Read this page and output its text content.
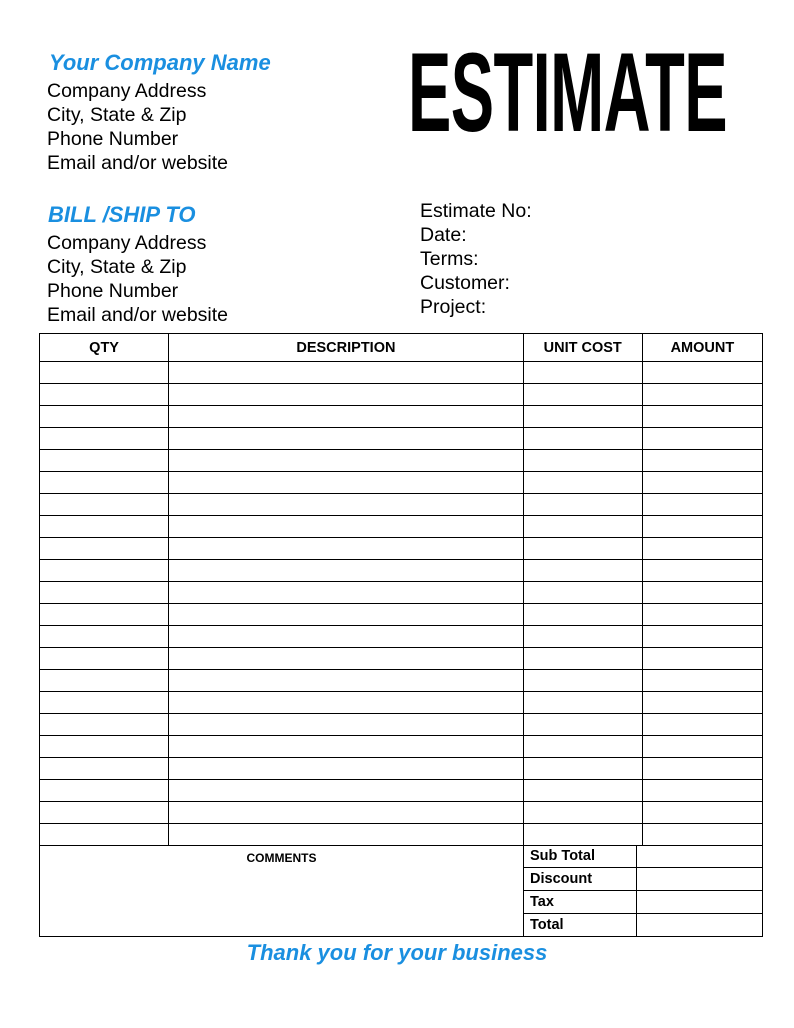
Your Company Name
Company Address
City, State & Zip
Phone Number
Email and/or website
ESTIMATE
BILL /SHIP TO
Company Address
City, State & Zip
Phone Number
Email and/or website
Estimate No:
Date:
Terms:
Customer:
Project:
QTY	DESCRIPTION	UNIT COST	AMOUNT

COMMENTS	Sub Total	
Discount	
Tax	
Total	
Thank you for your business
